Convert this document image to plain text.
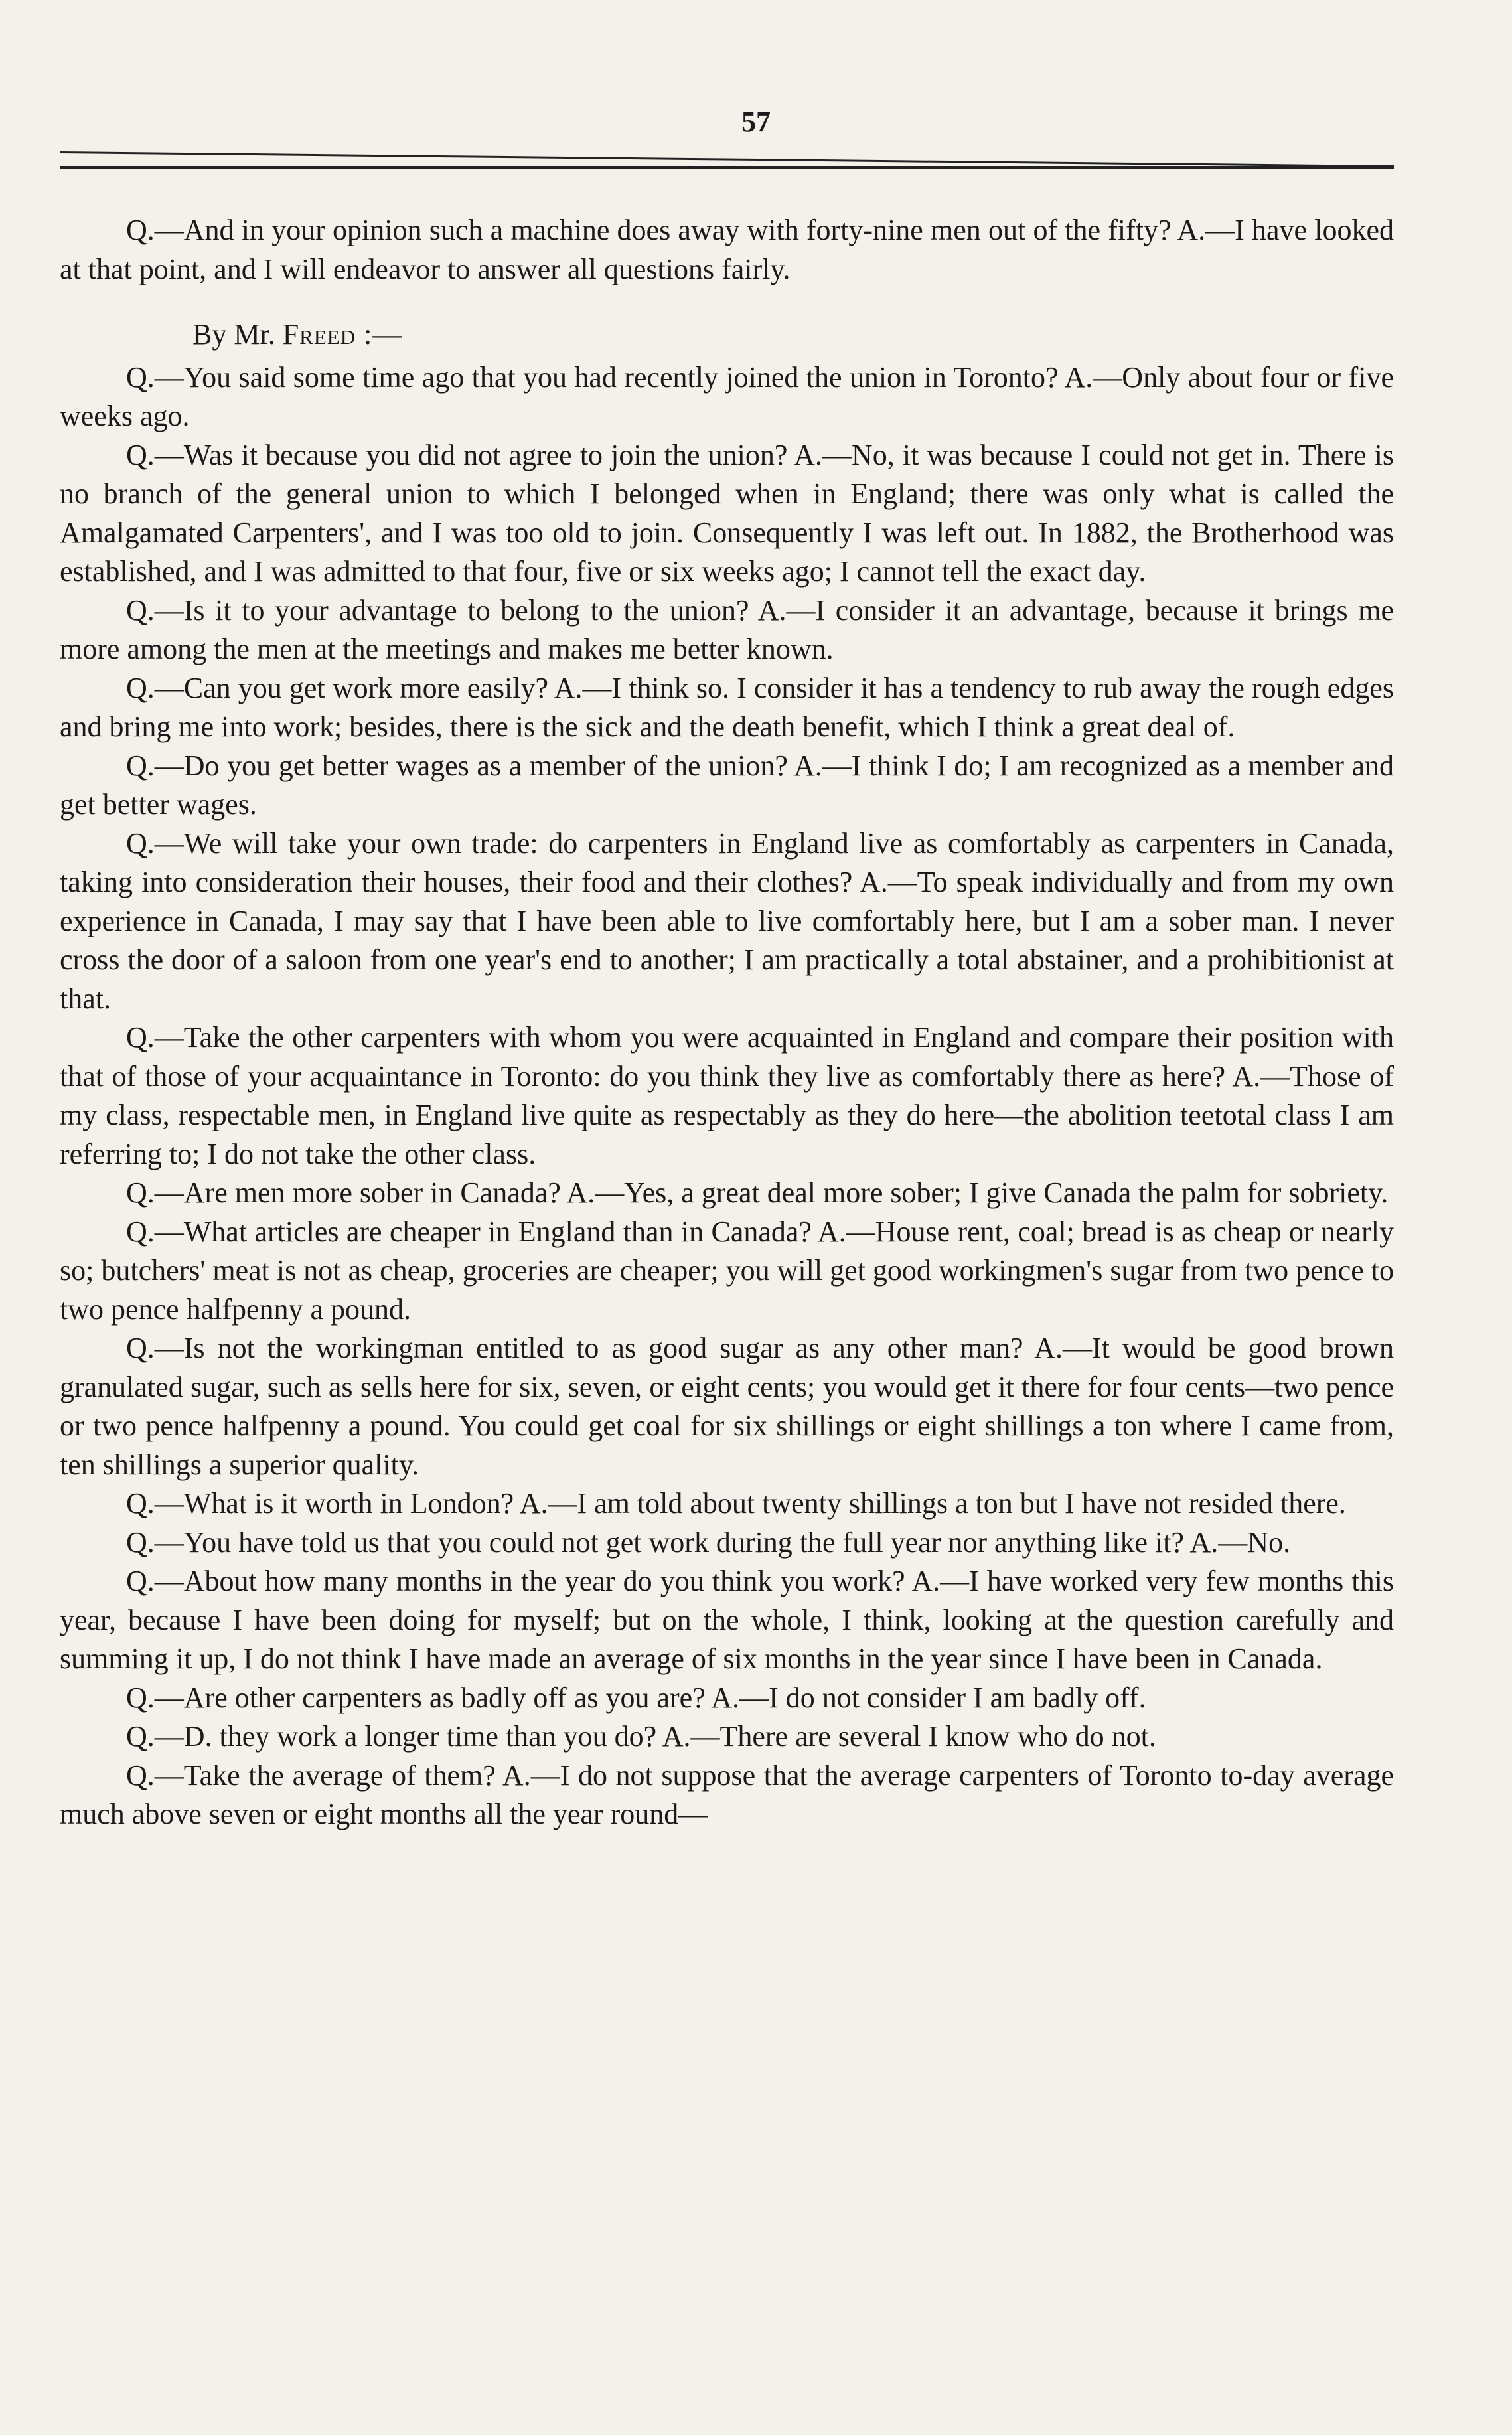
57

Q.—And in your opinion such a machine does away with forty-nine men out of the fifty? A.—I have looked at that point, and I will endeavor to answer all questions fairly.

By Mr. Freed :—

Q.—You said some time ago that you had recently joined the union in Toronto? A.—Only about four or five weeks ago.

Q.—Was it because you did not agree to join the union? A.—No, it was because I could not get in. There is no branch of the general union to which I belonged when in England; there was only what is called the Amalgamated Carpenters', and I was too old to join. Consequently I was left out. In 1882, the Brotherhood was established, and I was admitted to that four, five or six weeks ago; I cannot tell the exact day.

Q.—Is it to your advantage to belong to the union? A.—I consider it an advantage, because it brings me more among the men at the meetings and makes me better known.

Q.—Can you get work more easily? A.—I think so. I consider it has a tendency to rub away the rough edges and bring me into work; besides, there is the sick and the death benefit, which I think a great deal of.

Q.—Do you get better wages as a member of the union? A.—I think I do; I am recognized as a member and get better wages.

Q.—We will take your own trade: do carpenters in England live as comfortably as carpenters in Canada, taking into consideration their houses, their food and their clothes? A.—To speak individually and from my own experience in Canada, I may say that I have been able to live comfortably here, but I am a sober man. I never cross the door of a saloon from one year's end to another; I am practically a total abstainer, and a prohibitionist at that.

Q.—Take the other carpenters with whom you were acquainted in England and compare their position with that of those of your acquaintance in Toronto: do you think they live as comfortably there as here? A.—Those of my class, respectable men, in England live quite as respectably as they do here—the abolition teetotal class I am referring to; I do not take the other class.

Q.—Are men more sober in Canada? A.—Yes, a great deal more sober; I give Canada the palm for sobriety.

Q.—What articles are cheaper in England than in Canada? A.—House rent, coal; bread is as cheap or nearly so; butchers' meat is not as cheap, groceries are cheaper; you will get good workingmen's sugar from two pence to two pence halfpenny a pound.

Q.—Is not the workingman entitled to as good sugar as any other man? A.—It would be good brown granulated sugar, such as sells here for six, seven, or eight cents; you would get it there for four cents—two pence or two pence halfpenny a pound. You could get coal for six shillings or eight shillings a ton where I came from, ten shillings a superior quality.

Q.—What is it worth in London? A.—I am told about twenty shillings a ton but I have not resided there.

Q.—You have told us that you could not get work during the full year nor anything like it? A.—No.

Q.—About how many months in the year do you think you work? A.—I have worked very few months this year, because I have been doing for myself; but on the whole, I think, looking at the question carefully and summing it up, I do not think I have made an average of six months in the year since I have been in Canada.

Q.—Are other carpenters as badly off as you are? A.—I do not consider I am badly off.

Q.—D. they work a longer time than you do? A.—There are several I know who do not.

Q.—Take the average of them? A.—I do not suppose that the average carpenters of Toronto to-day average much above seven or eight months all the year round—
